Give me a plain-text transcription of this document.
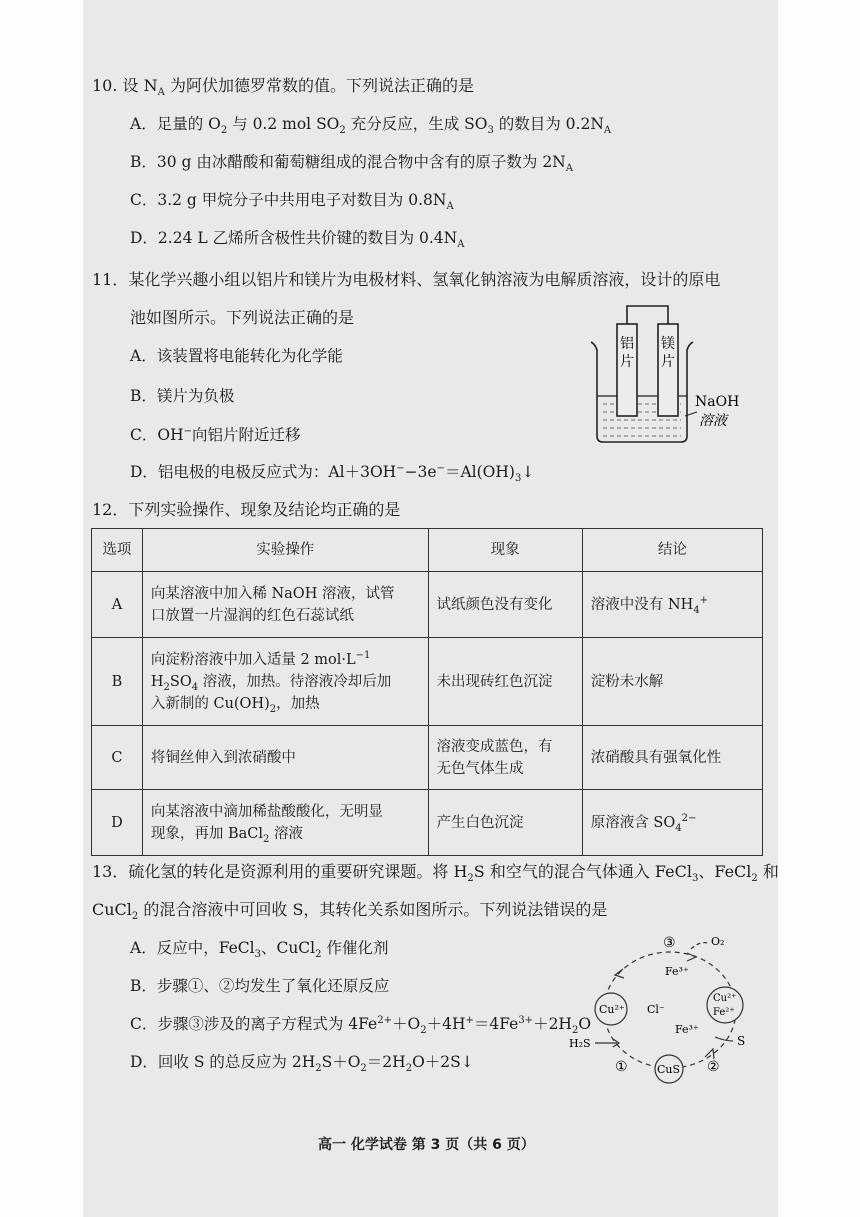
10. 设 $N_A$ 为阿伏加德罗常数的值。下列说法正确的是
A．足量的 $O_2$ 与 0.2 mol $SO_2$ 充分反应，生成 $SO_3$ 的数目为 $0.2N_A$
B．30 g 由冰醋酸和葡萄糖组成的混合物中含有的原子数为 $2N_A$
C．3.2 g 甲烷分子中共用电子对数目为 $0.8N_A$
D．2.24 L 乙烯所含极性共价键的数目为 $0.4N_A$
11．某化学兴趣小组以铝片和镁片为电极材料、氢氧化钠溶液为电解质溶液，设计的原电
池如图所示。下列说法正确的是
A．该装置将电能转化为化学能
B．镁片为负极
C．OH−向铝片附近迁移
D．铝电极的电极反应式为：$Al+3OH^--3e^-=Al(OH)_3↓$
铝
片
镁
片
NaOH
溶液
12．下列实验操作、现象及结论均正确的是
选项	实验操作	现象	结论
A	向某溶液中加入稀 NaOH 溶液，试管
口放置一片湿润的红色石蕊试纸	试纸颜色没有变化	溶液中没有 $NH_4^+$
B	向淀粉溶液中加入适量 2 $mol\cdot L^{-1}$
$H_2SO_4$ 溶液，加热。待溶液冷却后加
入新制的 $Cu(OH)_2$，加热	未出现砖红色沉淀	淀粉未水解
C	将铜丝伸入到浓硝酸中	溶液变成蓝色，有
无色气体生成	浓硝酸具有强氧化性
D	向某溶液中滴加稀盐酸酸化，无明显
现象，再加 BaCl$_2$ 溶液	产生白色沉淀	原溶液含 $SO_4^{2-}$
13．硫化氢的转化是资源利用的重要研究课题。将 $H_2S$ 和空气的混合气体通入 FeCl$_3$、FeCl$_2$ 和
CuCl$_2$ 的混合溶液中可回收 S，其转化关系如图所示。下列说法错误的是
A．反应中，FeCl$_3$、CuCl$_2$ 作催化剂
B．步骤①、②均发生了氧化还原反应
C．步骤③涉及的离子方程式为 $4Fe^{2+}+O_2+4H^+=4Fe^{3+}+2H_2O$
D．回收 S 的总反应为 $2H_2S+O_2=2H_2O+2S↓$
③	O₂
Fe³⁺
Cu²⁺ Cl⁻
Cu²⁺
Fe²⁺
Fe³⁺
H₂S	S
CuS
①	②
高一 化学试卷 第 3 页（共 6 页）
